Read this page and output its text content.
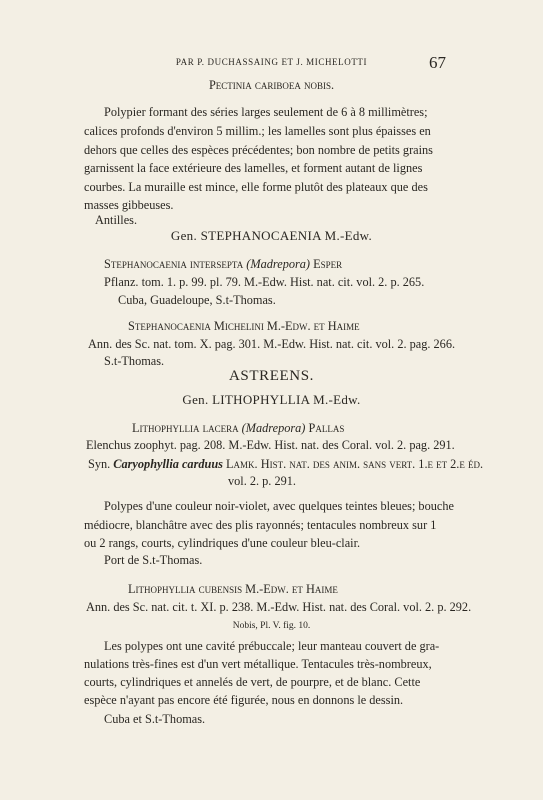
PAR P. DUCHASSAING ET J. MICHELOTTI	67
Pectinia cariboea nobis.
Polypier formant des séries larges seulement de 6 à 8 millimètres;
calices profonds d'environ 5 millim.; les lamelles sont plus épaisses en
dehors que celles des espèces précédentes; bon nombre de petits grains
garnissent la face extérieure des lamelles, et forment autant de lignes
courbes. La muraille est mince, elle forme plutôt des plateaux que des
masses gibbeuses.
Antilles.
Gen. STEPHANOCAENIA M.-Edw.
Stephanocaenia intersepta (Madrepora) Esper
Pflanz. tom. 1. p. 99. pl. 79. M.-Edw. Hist. nat. cit. vol. 2. p. 265.
Cuba, Guadeloupe, S.t-Thomas.
Stephanocaenia Michelini M.-Edw. et Haime
Ann. des Sc. nat. tom. X. pag. 301. M.-Edw. Hist. nat. cit. vol. 2. pag. 266.
S.t-Thomas.
ASTREENS.
Gen. LITHOPHYLLIA M.-Edw.
Lithophyllia lacera (Madrepora) Pallas
Elenchus zoophyt. pag. 208. M.-Edw. Hist. nat. des Coral. vol. 2. pag. 291.
Syn. Caryophyllia carduus Lamk. Hist. nat. des anim. sans vert. 1.e et 2.e éd.
vol. 2. p. 291.
Polypes d'une couleur noir-violet, avec quelques teintes bleues; bouche
médiocre, blanchâtre avec des plis rayonnés; tentacules nombreux sur 1
ou 2 rangs, courts, cylindriques d'une couleur bleu-clair.
Port de S.t-Thomas.
Lithophyllia cubensis M.-Edw. et Haime
Ann. des Sc. nat. cit. t. XI. p. 238. M.-Edw. Hist. nat. des Coral. vol. 2. p. 292.
Nobis, Pl. V. fig. 10.
Les polypes ont une cavité prébuccale; leur manteau couvert de gra-
nulations très-fines est d'un vert métallique. Tentacules très-nombreux,
courts, cylindriques et annelés de vert, de pourpre, et de blanc. Cette
espèce n'ayant pas encore été figurée, nous en donnons le dessin.
Cuba et S.t-Thomas.
